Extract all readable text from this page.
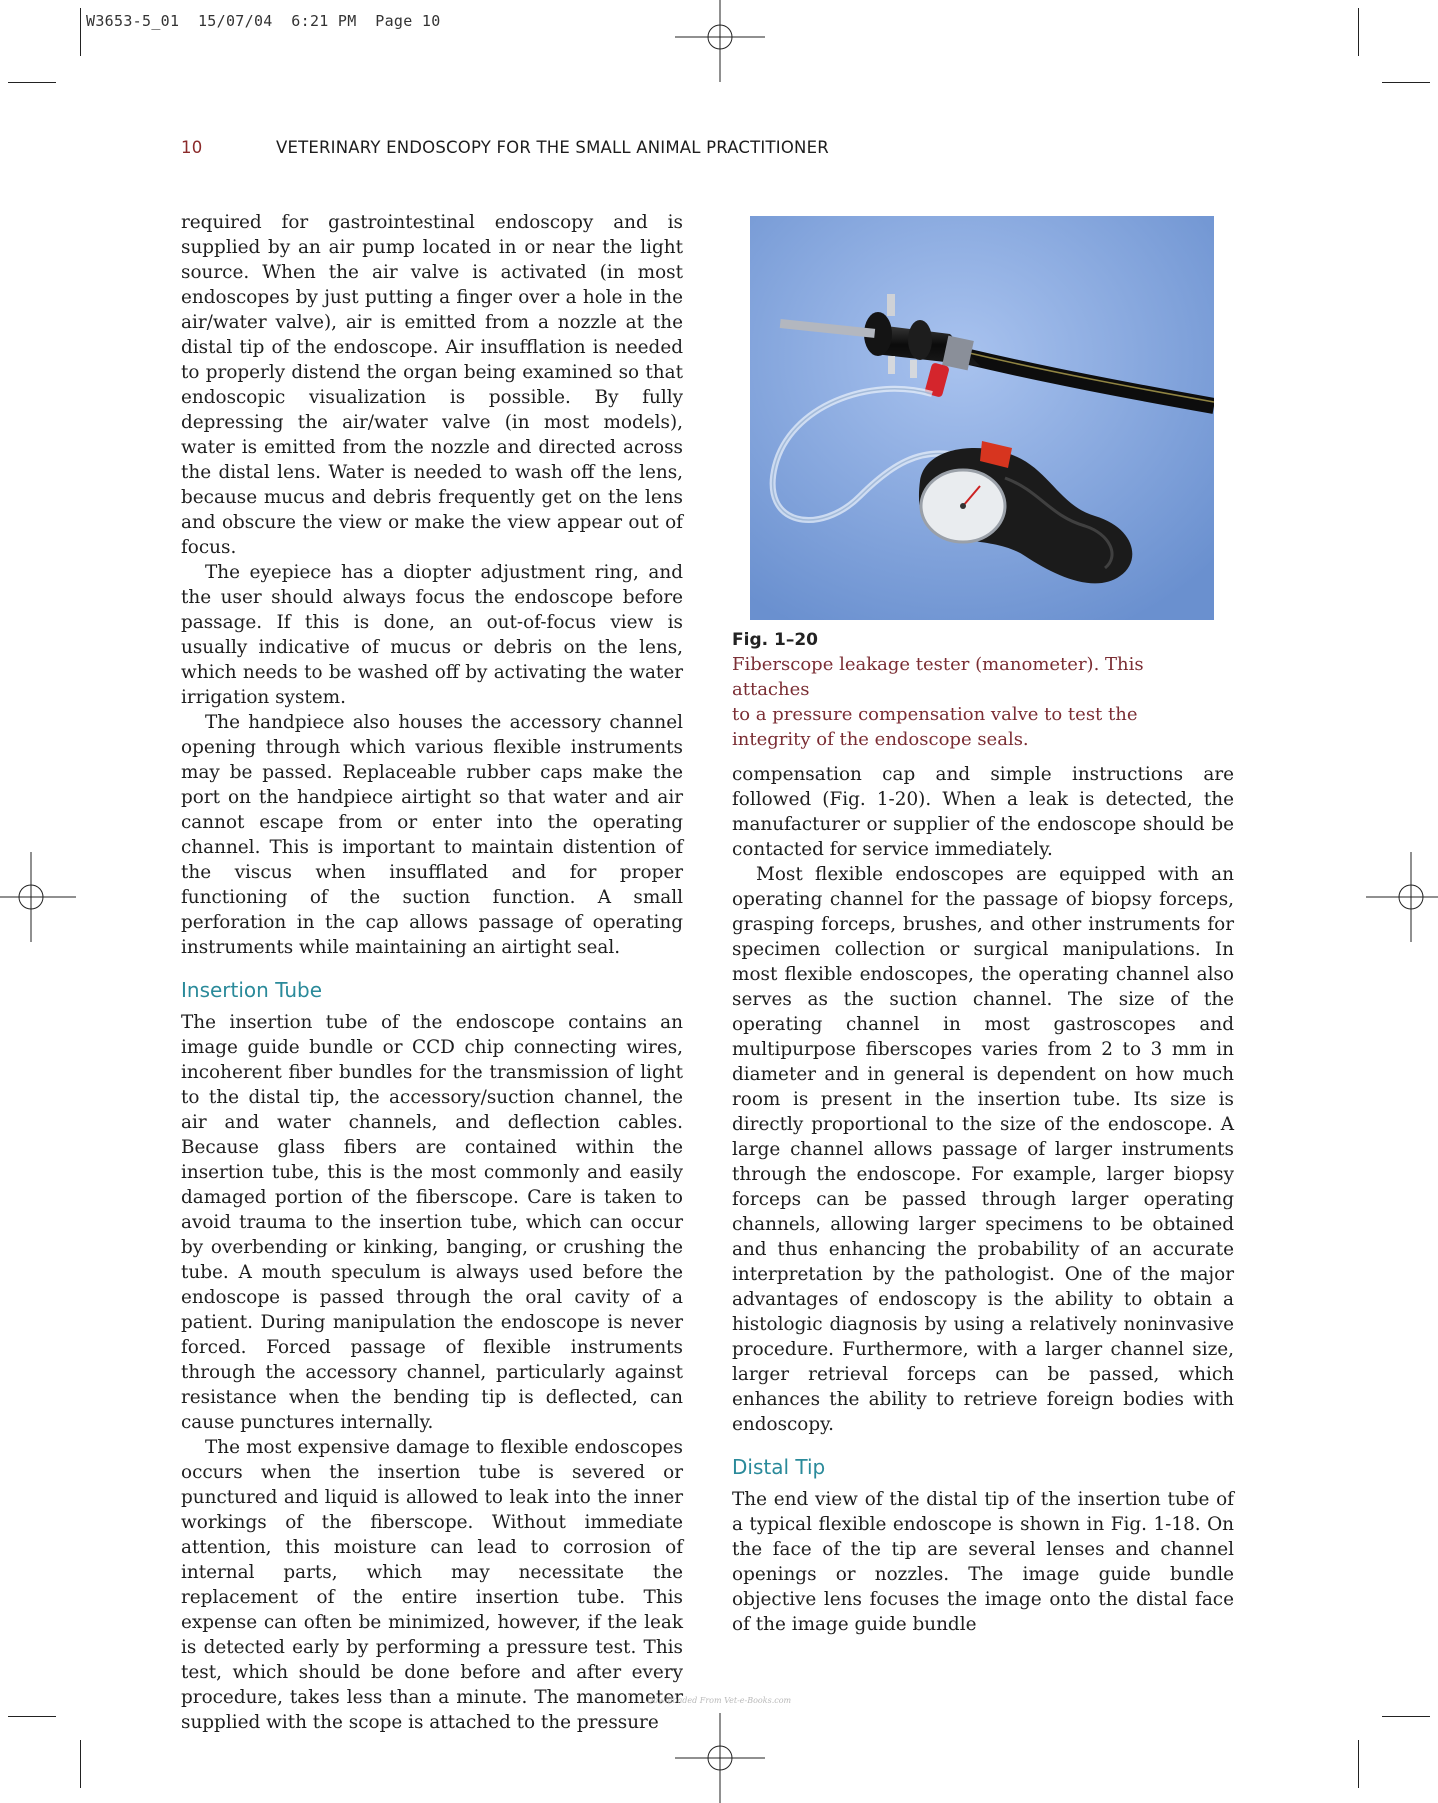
W3653-5_01  15/07/04  6:21 PM  Page 10
10	VETERINARY ENDOSCOPY FOR THE SMALL ANIMAL PRACTITIONER

required for gastrointestinal endoscopy and is supplied by an air pump located in or near the light source. When the air valve is activated (in most endoscopes by just putting a finger over a hole in the air/water valve), air is emitted from a nozzle at the distal tip of the endoscope. Air insufflation is needed to properly distend the organ being examined so that endoscopic visualization is possible. By fully depressing the air/water valve (in most models), water is emitted from the nozzle and directed across the distal lens. Water is needed to wash off the lens, because mucus and debris frequently get on the lens and obscure the view or make the view appear out of focus.

The eyepiece has a diopter adjustment ring, and the user should always focus the endoscope before passage. If this is done, an out-of-focus view is usually indicative of mucus or debris on the lens, which needs to be washed off by activating the water irrigation system.

The handpiece also houses the accessory channel opening through which various flexible instruments may be passed. Replaceable rubber caps make the port on the handpiece airtight so that water and air cannot escape from or enter into the operating channel. This is important to maintain distention of the viscus when insufflated and for proper functioning of the suction function. A small perforation in the cap allows passage of operating instruments while maintaining an airtight seal.

Insertion Tube

The insertion tube of the endoscope contains an image guide bundle or CCD chip connecting wires, incoherent fiber bundles for the transmission of light to the distal tip, the accessory/suction channel, the air and water channels, and deflection cables. Because glass fibers are contained within the insertion tube, this is the most commonly and easily damaged portion of the fiberscope. Care is taken to avoid trauma to the insertion tube, which can occur by overbending or kinking, banging, or crushing the tube. A mouth speculum is always used before the endoscope is passed through the oral cavity of a patient. During manipulation the endoscope is never forced. Forced passage of flexible instruments through the accessory channel, particularly against resistance when the bending tip is deflected, can cause punctures internally.

The most expensive damage to flexible endoscopes occurs when the insertion tube is severed or punctured and liquid is allowed to leak into the inner workings of the fiberscope. Without immediate attention, this moisture can lead to corrosion of internal parts, which may necessitate the replacement of the entire insertion tube. This expense can often be minimized, however, if the leak is detected early by performing a pressure test. This test, which should be done before and after every procedure, takes less than a minute. The manometer supplied with the scope is attached to the pressure

Fig. 1–20
Fiberscope leakage tester (manometer). This attaches
to a pressure compensation valve to test the
integrity of the endoscope seals.

compensation cap and simple instructions are followed (Fig. 1-20). When a leak is detected, the manufacturer or supplier of the endoscope should be contacted for service immediately.

Most flexible endoscopes are equipped with an operating channel for the passage of biopsy forceps, grasping forceps, brushes, and other instruments for specimen collection or surgical manipulations. In most flexible endoscopes, the operating channel also serves as the suction channel. The size of the operating channel in most gastroscopes and multipurpose fiberscopes varies from 2 to 3 mm in diameter and in general is dependent on how much room is present in the insertion tube. Its size is directly proportional to the size of the endoscope. A large channel allows passage of larger instruments through the endoscope. For example, larger biopsy forceps can be passed through larger operating channels, allowing larger specimens to be obtained and thus enhancing the probability of an accurate interpretation by the pathologist. One of the major advantages of endoscopy is the ability to obtain a histologic diagnosis by using a relatively noninvasive procedure. Furthermore, with a larger channel size, larger retrieval forceps can be passed, which enhances the ability to retrieve foreign bodies with endoscopy.

Distal Tip

The end view of the distal tip of the insertion tube of a typical flexible endoscope is shown in Fig. 1-18. On the face of the tip are several lenses and channel openings or nozzles. The image guide bundle objective lens focuses the image onto the distal face of the image guide bundle

Downloaded From Vet-e-Books.com
